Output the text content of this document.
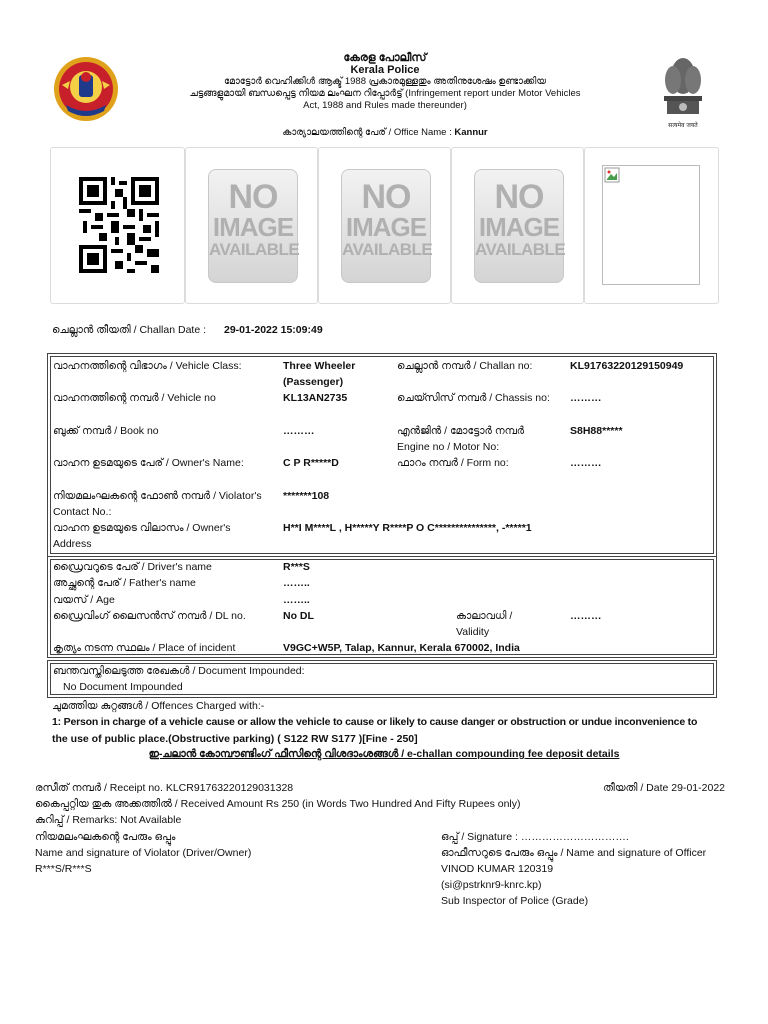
सत्यमेव जयते
കേരള പോലീസ്
Kerala Police
മോട്ടോർ വെഹിക്കിൾ ആക്ട് 1988 പ്രകാരമുള്ളതും അതിനുശേഷം ഉണ്ടാക്കിയ
ചട്ടങ്ങളുമായി ബന്ധപ്പെട്ട നിയമ ലംഘന റിപ്പോർട്ട് (Infringement report under Motor Vehicles
Act, 1988 and Rules made thereunder)
കാര്യാലയത്തിന്റെ പേര് / Office Name : Kannur
NO
IMAGE
AVAILABLE
NO
IMAGE
AVAILABLE
NO
IMAGE
AVAILABLE
ചെല്ലാൻ തീയതി / Challan Date :	29-01-2022 15:09:49
വാഹനത്തിന്റെ വിഭാഗം / Vehicle Class:	Three Wheeler (Passenger)
ചെല്ലാൻ നമ്പർ / Challan no:	KL91763220129150949
വാഹനത്തിന്റെ നമ്പർ / Vehicle no	KL13AN2735	ചെയ്സിസ് നമ്പർ / Chassis no:	………
ബുക്ക് നമ്പർ / Book no	………	എൻജിൻ / മോട്ടോർ നമ്പർ Engine no / Motor No:
S8H88*****
വാഹന ഉടമയുടെ പേര് / Owner's Name:	C P R*****D	ഫാറം നമ്പർ / Form no:	………
നിയമലംഘകന്റെ ഫോൺ നമ്പർ / Violator's Contact No.:
*******108
വാഹന ഉടമയുടെ വിലാസം / Owner's Address
H**I M****L , H*****Y R****P O C***************, -*****1
ഡ്രൈവറുടെ പേര് / Driver's name	R***S
അച്ഛന്റെ പേര് / Father's name	……..
വയസ് / Age	……..
ഡ്രൈവിംഗ് ലൈസൻസ് നമ്പർ / DL no.	No DL	കാലാവധി / Validity
………
കൃത്യം നടന്ന സ്ഥലം / Place of incident	V9GC+W5P, Talap, Kannur, Kerala 670002, India
ബന്തവസ്തിലെടുത്ത രേഖകൾ / Document Impounded:
No Document Impounded
ചുമത്തിയ കുറ്റങ്ങൾ / Offences Charged with:-
1: Person in charge of a vehicle cause or allow the vehicle to cause or likely to cause danger or obstruction or undue inconvenience to
the use of public place.(Obstructive parking) ( S122 RW S177 )[Fine - 250]
ഇ-ചലാൻ കോമ്പൗണ്ടിംഗ് ഫീസിന്റെ വിശദാംശങ്ങൾ / e-challan compounding fee deposit details
രസീത് നമ്പർ / Receipt no. KLCR91763220129031328	തീയതി / Date 29-01-2022
കൈപ്പറ്റിയ തുക അക്കത്തിൽ / Received Amount Rs 250 (in Words Two Hundred And Fifty Rupees only)
കുറിപ്പ് / Remarks: Not Available
നിയമലംഘകന്റെ പേരും ഒപ്പും
Name and signature of Violator (Driver/Owner)
R***S/R***S
ഒപ്പ് / Signature : ………………………….
ഓഫീസറുടെ പേരും ഒപ്പും / Name and signature of Officer
VINOD KUMAR 120319
(si@pstrknr9-knrc.kp)
Sub Inspector of Police (Grade)
